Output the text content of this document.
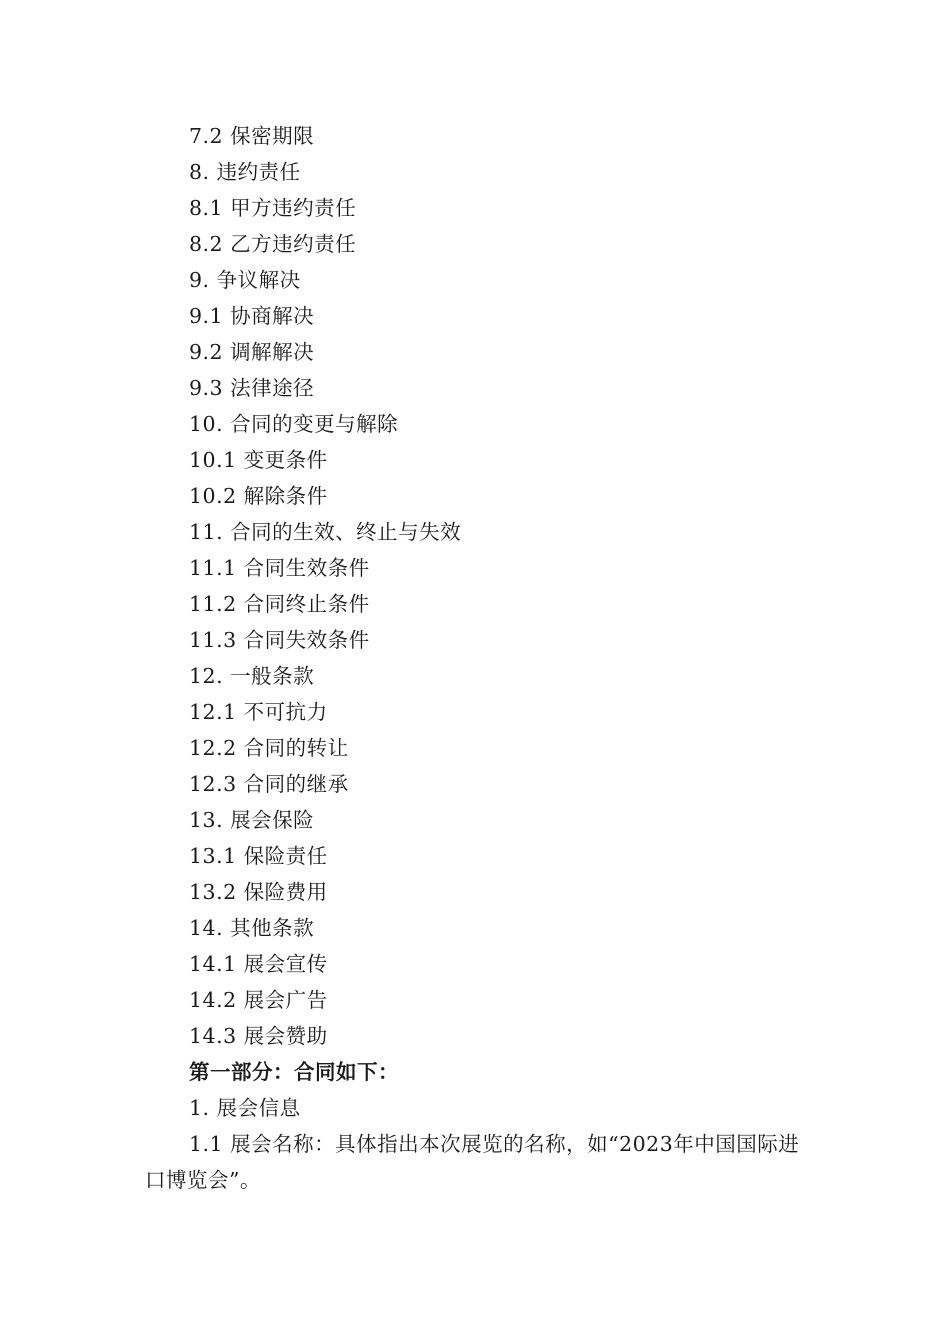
7.2 保密期限
8. 违约责任
8.1 甲方违约责任
8.2 乙方违约责任
9. 争议解决
9.1 协商解决
9.2 调解解决
9.3 法律途径
10. 合同的变更与解除
10.1 变更条件
10.2 解除条件
11. 合同的生效、终止与失效
11.1 合同生效条件
11.2 合同终止条件
11.3 合同失效条件
12. 一般条款
12.1 不可抗力
12.2 合同的转让
12.3 合同的继承
13. 展会保险
13.1 保险责任
13.2 保险费用
14. 其他条款
14.1 展会宣传
14.2 展会广告
14.3 展会赞助
第一部分：合同如下：
1. 展会信息
1.1 展会名称：具体指出本次展览的名称，如“2023年中国国际进口博览会”。
